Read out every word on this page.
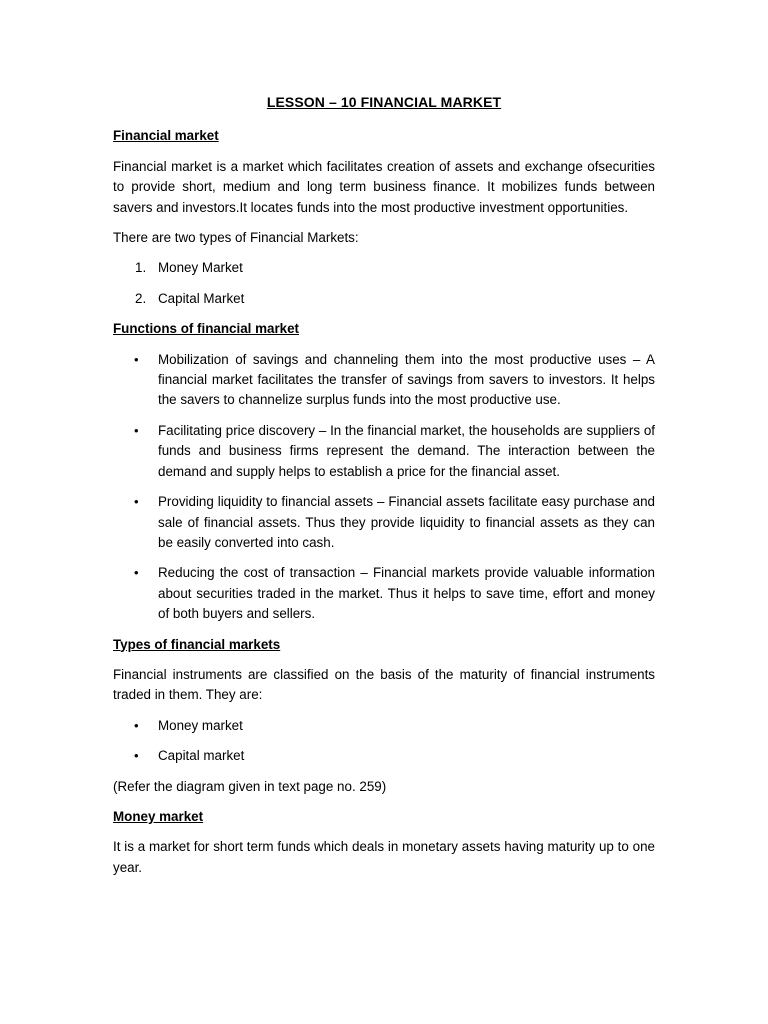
LESSON – 10 FINANCIAL MARKET
Financial market

Financial market is a market which facilitates creation of assets and exchange ofsecurities to provide short, medium and long term business finance. It mobilizes funds between savers and investors.It locates funds into the most productive investment opportunities.

There are two types of Financial Markets:

1. Money Market
2. Capital Market
Functions of financial market
• Mobilization of savings and channeling them into the most productive uses – A financial market facilitates the transfer of savings from savers to investors. It helps the savers to channelize surplus funds into the most productive use.
• Facilitating price discovery – In the financial market, the households are suppliers of funds and business firms represent the demand. The interaction between the demand and supply helps to establish a price for the financial asset.
• Providing liquidity to financial assets – Financial assets facilitate easy purchase and sale of financial assets. Thus they provide liquidity to financial assets as they can be easily converted into cash.
• Reducing the cost of transaction – Financial markets provide valuable information about securities traded in the market. Thus it helps to save time, effort and money of both buyers and sellers.
Types of financial markets

Financial instruments are classified on the basis of the maturity of financial instruments traded in them. They are:

• Money market
• Capital market

(Refer the diagram given in text page no. 259)

Money market

It is a market for short term funds which deals in monetary assets having maturity up to one year.
